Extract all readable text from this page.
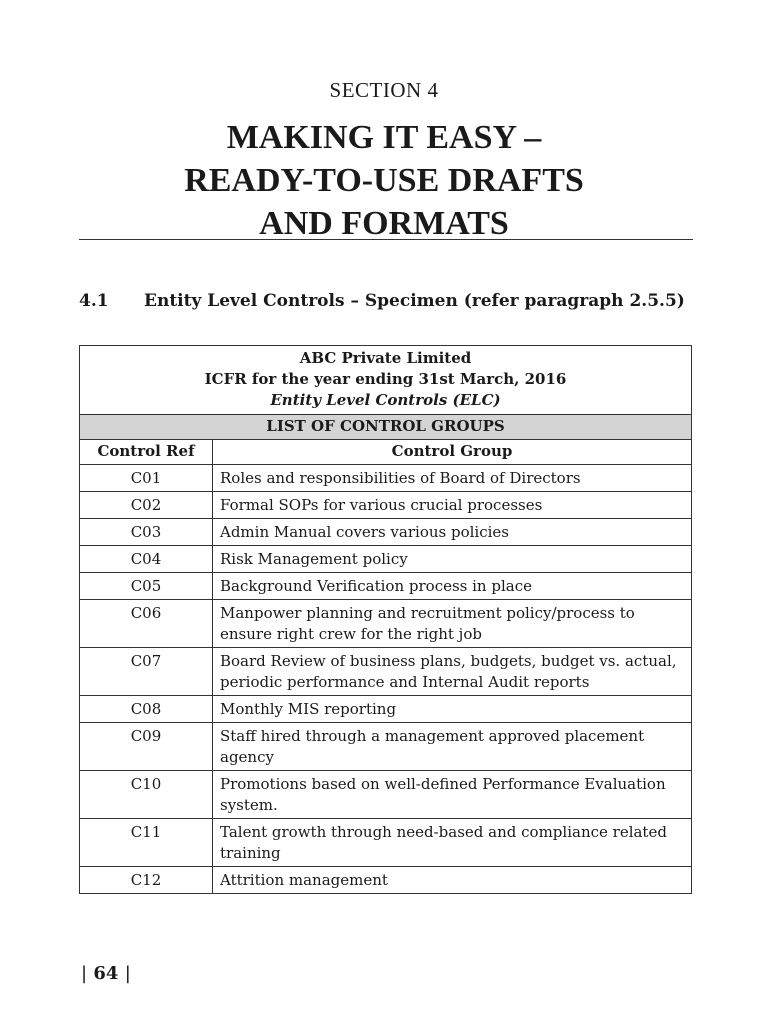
SECTION 4
MAKING IT EASY –
READY-TO-USE DRAFTS
AND FORMATS
4.1 Entity Level Controls – Specimen (refer paragraph 2.5.5)
ABC Private Limited
ICFR for the year ending 31st March, 2016
Entity Level Controls (ELC)	

LIST OF CONTROL GROUPS	
Control Ref	Control Group
C01	Roles and responsibilities of Board of Directors
C02	Formal SOPs for various crucial processes
C03	Admin Manual covers various policies
C04	Risk Management policy
C05	Background Verification process in place
C06	Manpower planning and recruitment policy/process to ensure right crew for the right job
C07	Board Review of business plans, budgets, budget vs. actual, periodic performance and Internal Audit reports
C08	Monthly MIS reporting
C09	Staff hired through a management approved placement agency
C10	Promotions based on well-defined Performance Evaluation system.
C11	Talent growth through need-based and compliance related training
C12	Attrition management
| 64 |
